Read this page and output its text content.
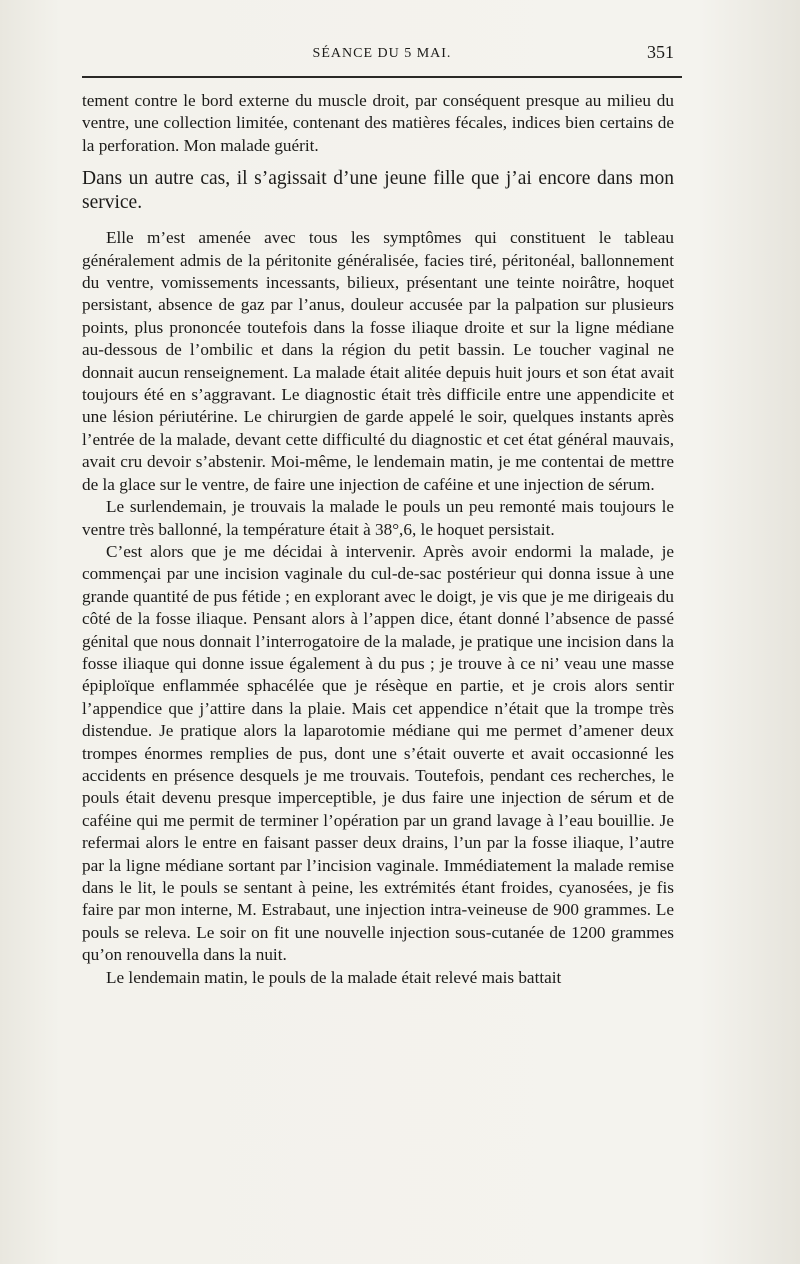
SÉANCE DU 5 MAI.	351

tement contre le bord externe du muscle droit, par conséquent presque au milieu du ventre, une collection limitée, contenant des matières fécales, indices bien certains de la perforation. Mon malade guérit.

Dans un autre cas, il s’agissait d’une jeune fille que j’ai encore dans mon service.

Elle m’est amenée avec tous les symptômes qui constituent le tableau généralement admis de la péritonite généralisée, facies tiré, péritonéal, ballonnement du ventre, vomissements incessants, bilieux, présentant une teinte noirâtre, hoquet persistant, absence de gaz par l’anus, douleur accusée par la palpation sur plusieurs points, plus prononcée toutefois dans la fosse iliaque droite et sur la ligne médiane au-dessous de l’ombilic et dans la région du petit bassin. Le toucher vaginal ne donnait aucun renseignement. La malade était alitée depuis huit jours et son état avait toujours été en s’aggravant. Le diagnostic était très difficile entre une appendicite et une lésion périutérine. Le chirurgien de garde appelé le soir, quelques instants après l’entrée de la malade, devant cette difficulté du diagnostic et cet état général mauvais, avait cru devoir s’abstenir. Moi-même, le lendemain matin, je me contentai de mettre de la glace sur le ventre, de faire une injection de caféine et une injection de sérum.

Le surlendemain, je trouvais la malade le pouls un peu remonté mais toujours le ventre très ballonné, la température était à 38°,6, le hoquet persistait.

C’est alors que je me décidai à intervenir. Après avoir endormi la malade, je commençai par une incision vaginale du cul-de-sac postérieur qui donna issue à une grande quantité de pus fétide ; en explorant avec le doigt, je vis que je me dirigeais du côté de la fosse iliaque. Pensant alors à l’appen dice, étant donné l’absence de passé génital que nous donnait l’interrogatoire de la malade, je pratique une incision dans la fosse iliaque qui donne issue également à du pus ; je trouve à ce ni’ veau une masse épiploïque enflammée sphacélée que je résèque en partie, et je crois alors sentir l’appendice que j’attire dans la plaie. Mais cet appendice n’était que la trompe très distendue. Je pratique alors la laparotomie médiane qui me permet d’amener deux trompes énormes remplies de pus, dont une s’était ouverte et avait occasionné les accidents en présence desquels je me trouvais. Toutefois, pendant ces recherches, le pouls était devenu presque imperceptible, je dus faire une injection de sérum et de caféine qui me permit de terminer l’opération par un grand lavage à l’eau bouillie. Je refermai alors le entre en faisant passer deux drains, l’un par la fosse iliaque, l’autre par la ligne médiane sortant par l’incision vaginale. Immédiatement la malade remise dans le lit, le pouls se sentant à peine, les extrémités étant froides, cyanosées, je fis faire par mon interne, M. Estrabaut, une injection intra-veineuse de 900 grammes. Le pouls se releva. Le soir on fit une nouvelle injection sous-cutanée de 1200 grammes qu’on renouvella dans la nuit.

Le lendemain matin, le pouls de la malade était relevé mais battait
